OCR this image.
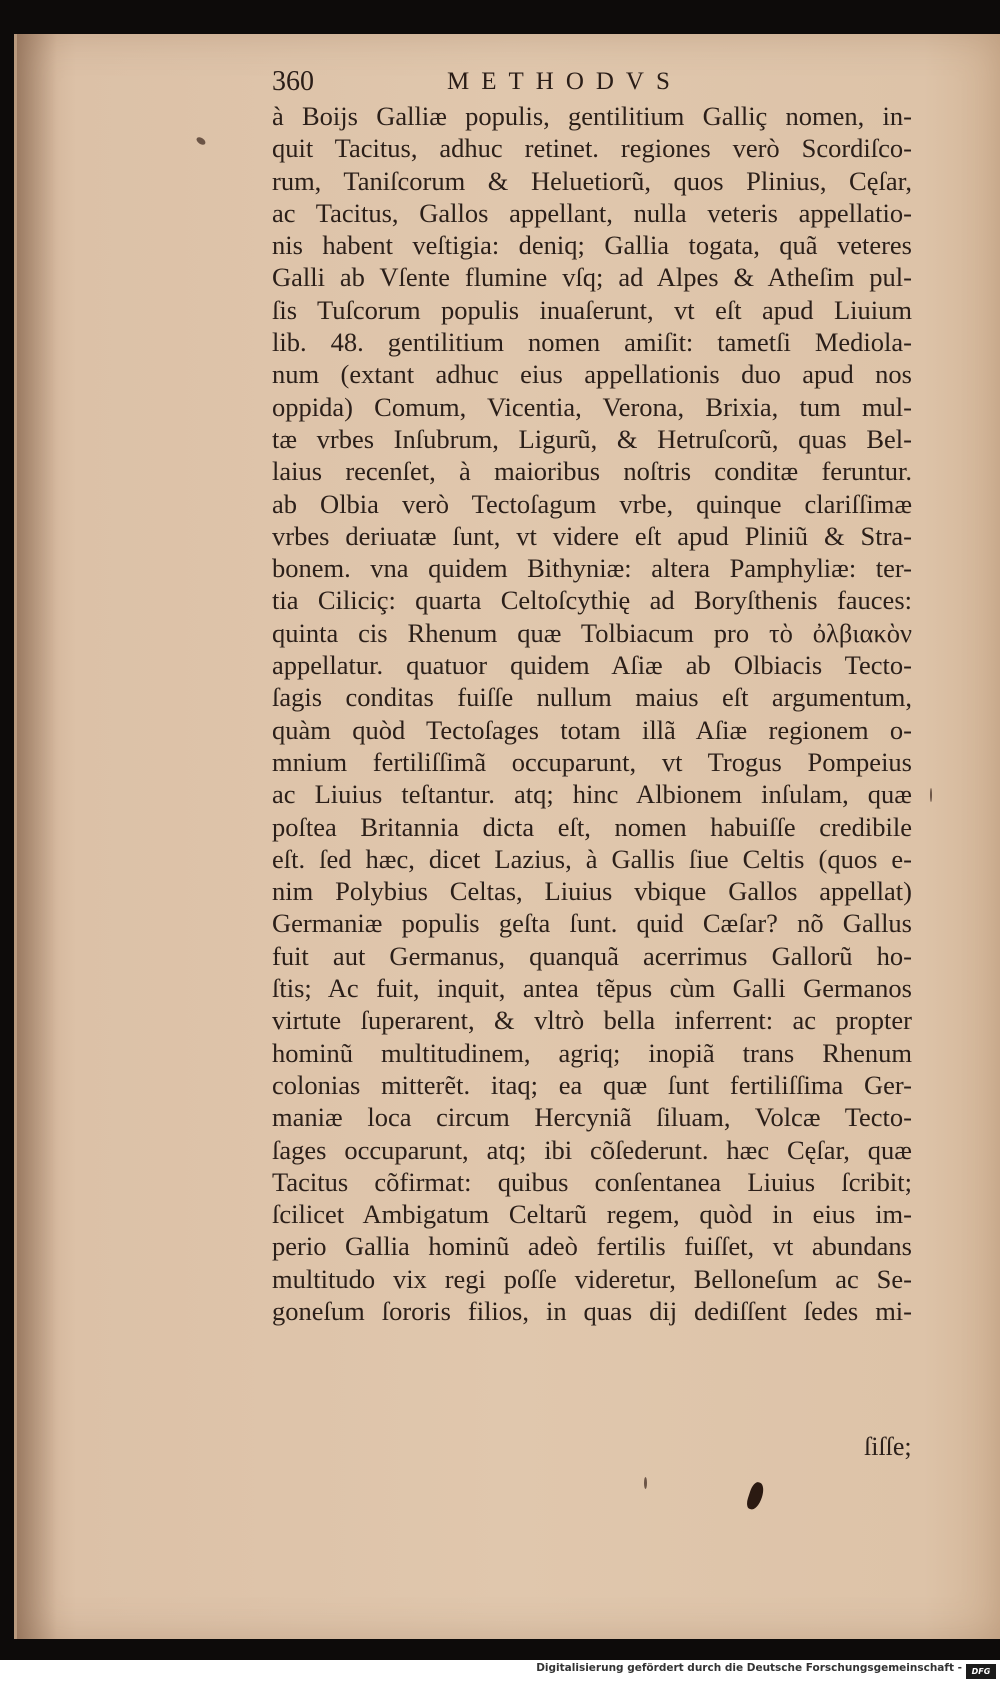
360	METHODVS
à Boijs Galliæ populis, gentilitium Galliç nomen, in-
quit Tacitus, adhuc retinet. regiones verò Scordiſco-
rum, Taniſcorum & Heluetiorũ, quos Plinius, Cęſar,
ac Tacitus, Gallos appellant, nulla veteris appellatio-
nis habent veſtigia: deniq; Gallia togata, quã veteres
Galli ab Vſente flumine vſq; ad Alpes & Atheſim pul-
ſis Tuſcorum populis inuaſerunt, vt eſt apud Liuium
lib. 48. gentilitium nomen amiſit: tametſi Mediola-
num (extant adhuc eius appellationis duo apud nos
oppida) Comum, Vicentia, Verona, Brixia, tum mul-
tæ vrbes Inſubrum, Ligurũ, & Hetruſcorũ, quas Bel-
laius recenſet, à maioribus noſtris conditæ feruntur.
ab Olbia verò Tectoſagum vrbe, quinque clariſſimæ
vrbes deriuatæ ſunt, vt videre eſt apud Pliniũ & Stra-
bonem. vna quidem Bithyniæ: altera Pamphyliæ: ter-
tia Ciliciç: quarta Celtoſcythię ad Boryſthenis fauces:
quinta cis Rhenum quæ Tolbiacum pro τὸ ὀλβιακὸν
appellatur. quatuor quidem Aſiæ ab Olbiacis Tecto-
ſagis conditas fuiſſe nullum maius eſt argumentum,
quàm quòd Tectoſages totam illã Aſiæ regionem o-
mnium fertiliſſimã occuparunt, vt Trogus Pompeius
ac Liuius teſtantur. atq; hinc Albionem inſulam, quæ
poſtea Britannia dicta eſt, nomen habuiſſe credibile
eſt. ſed hæc, dicet Lazius, à Gallis ſiue Celtis (quos e-
nim Polybius Celtas, Liuius vbique Gallos appellat)
Germaniæ populis geſta ſunt. quid Cæſar? nõ Gallus
fuit aut Germanus, quanquã acerrimus Gallorũ ho-
ſtis; Ac fuit, inquit, antea tẽpus cùm Galli Germanos
virtute ſuperarent, & vltrò bella inferrent: ac propter
hominũ multitudinem, agriq; inopiã trans Rhenum
colonias mitterẽt. itaq; ea quæ ſunt fertiliſſima Ger-
maniæ loca circum Hercyniã ſiluam, Volcæ Tecto-
ſages occuparunt, atq; ibi cõſederunt. hæc Cęſar, quæ
Tacitus cõfirmat: quibus conſentanea Liuius ſcribit;
ſcilicet Ambigatum Celtarũ regem, quòd in eius im-
perio Gallia hominũ adeò fertilis fuiſſet, vt abundans
multitudo vix regi poſſe videretur, Belloneſum ac Se-
goneſum ſororis filios, in quas dij dediſſent ſedes mi-
ſiſſe;
Digitalisierung gefördert durch die Deutsche Forschungsgemeinschaft -	DFG
